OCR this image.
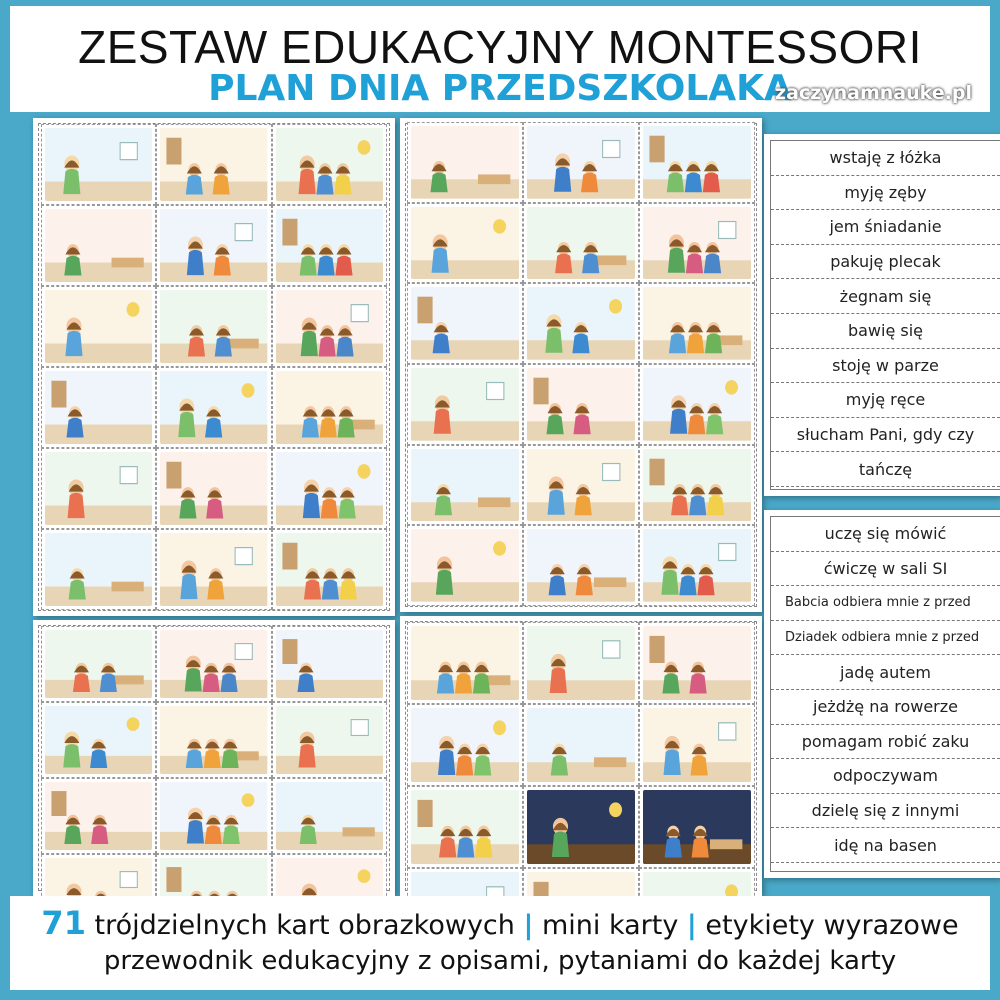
ZESTAW EDUKACYJNY MONTESSORI
PLAN DNIA PRZEDSZKOLAKA
zaczynamnauke.pl
wstaję z łóżka
myję zęby
jem śniadanie
pakuję plecak
żegnam się
bawię się
stoję w parze
myję ręce
słucham Pani, gdy czy
tańczę
uczę się mówić
ćwiczę w sali SI
Babcia odbiera mnie z przed
Dziadek odbiera mnie z przed
jadę autem
jeżdżę na rowerze
pomagam robić zaku
odpoczywam
dzielę się z innymi
idę na basen
71 trójdzielnych kart obrazkowych | mini karty | etykiety wyrazowe
przewodnik edukacyjny z opisami, pytaniami do każdej karty
